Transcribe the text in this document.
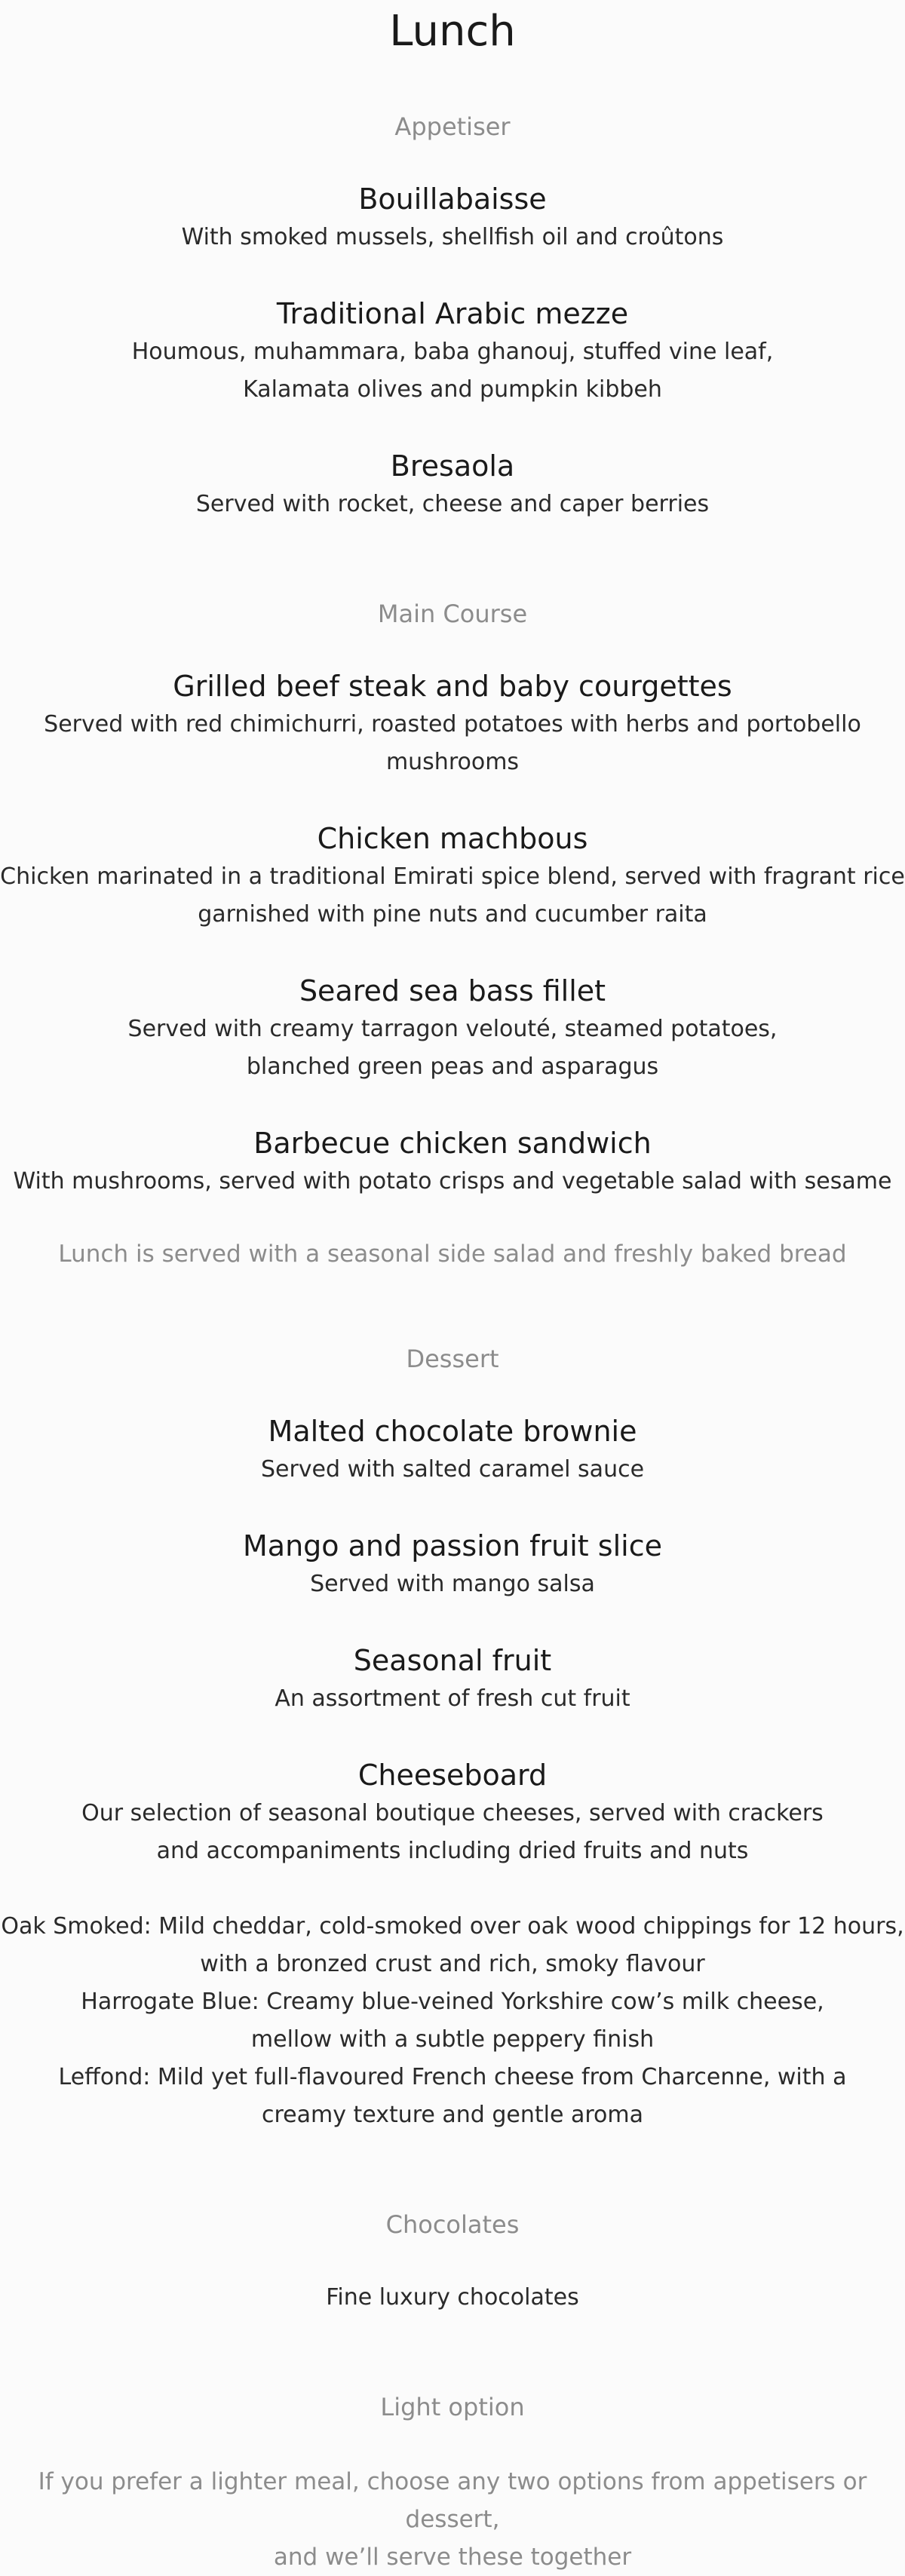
Lunch

Appetiser

Bouillabaisse

With smoked mussels, shellfish oil and croûtons

Traditional Arabic mezze

Houmous, muhammara, baba ghanouj, stuffed vine leaf,

Kalamata olives and pumpkin kibbeh

Bresaola

Served with rocket, cheese and caper berries

Main Course

Grilled beef steak and baby courgettes

Served with red chimichurri, roasted potatoes with herbs and portobello mushrooms

Chicken machbous

Chicken marinated in a traditional Emirati spice blend, served with fragrant rice

garnished with pine nuts and cucumber raita

Seared sea bass fillet

Served with creamy tarragon velouté, steamed potatoes,

blanched green peas and asparagus

Barbecue chicken sandwich

With mushrooms, served with potato crisps and vegetable salad with sesame

Lunch is served with a seasonal side salad and freshly baked bread

Dessert

Malted chocolate brownie

Served with salted caramel sauce

Mango and passion fruit slice

Served with mango salsa

Seasonal fruit

An assortment of fresh cut fruit

Cheeseboard

Our selection of seasonal boutique cheeses, served with crackers

and accompaniments including dried fruits and nuts

Oak Smoked: Mild cheddar, cold-smoked over oak wood chippings for 12 hours,

with a bronzed crust and rich, smoky flavour

Harrogate Blue: Creamy blue-veined Yorkshire cow’s milk cheese,

mellow with a subtle peppery finish

Leffond: Mild yet full-flavoured French cheese from Charcenne, with a

creamy texture and gentle aroma

Chocolates

Fine luxury chocolates

Light option

If you prefer a lighter meal, choose any two options from appetisers or dessert,

and we’ll serve these together
